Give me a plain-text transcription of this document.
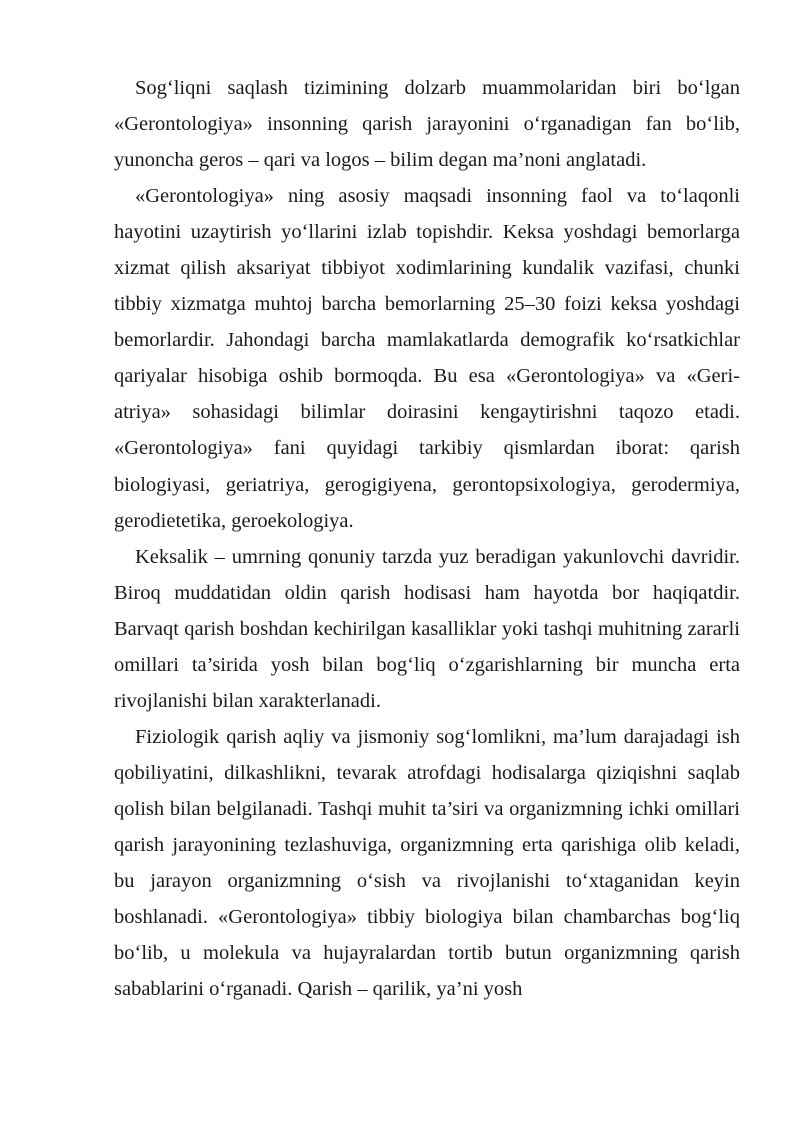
Sog‘liqni saqlash tizimining dolzarb muammolaridan biri bo‘lgan «Gerontologiya» insonning qarish jarayonini o‘rganadigan fan bo‘lib, yunoncha geros – qari va logos – bilim degan ma’noni anglatadi.

«Gerontologiya» ning asosiy maqsadi insonning faol va to‘laqonli hayotini uzaytirish yo‘llarini izlab topishdir. Keksa yoshdagi bemorlarga xizmat qilish aksariyat tibbiyot xodimlarining kundalik vazifasi, chunki tibbiy xizmatga muhtoj barcha bemorlarning 25–30 foizi keksa yoshdagi bemorlardir. Jahondagi barcha mamlakatlarda demografik ko‘rsatkichlar qariyalar hisobiga oshib bormoqda. Bu esa «Gerontologiya» va «Geri-atriya» sohasidagi bilimlar doirasini kengaytirishni taqozo etadi. «Gerontologiya» fani quyidagi tarkibiy qismlardan iborat: qarish biologiyasi, geriatriya, gerogigiyena, gerontopsixologiya, gerodermiya, gerodietetika, geroekologiya.

Keksalik – umrning qonuniy tarzda yuz beradigan yakunlovchi davridir. Biroq muddatidan oldin qarish hodisasi ham hayotda bor haqiqatdir. Barvaqt qarish boshdan kechirilgan kasalliklar yoki tashqi muhitning zararli omillari ta’sirida yosh bilan bog‘liq o‘zgarishlarning bir muncha erta rivojlanishi bilan xarakterlanadi.

Fiziologik qarish aqliy va jismoniy sog‘lomlikni, ma’lum darajadagi ish qobiliyatini, dilkashlikni, tevarak atrofdagi hodisalarga qiziqishni saqlab qolish bilan belgilanadi. Tashqi muhit ta’siri va organizmning ichki omillari qarish jarayonining tezlashuviga, organizmning erta qarishiga olib keladi, bu jarayon organizmning o‘sish va rivojlanishi to‘xtaganidan keyin boshlanadi. «Gerontologiya» tibbiy biologiya bilan chambarchas bog‘liq bo‘lib, u molekula va hujayralardan tortib butun organizmning qarish sabablarini o‘rganadi. Qarish – qarilik, ya’ni yosh
